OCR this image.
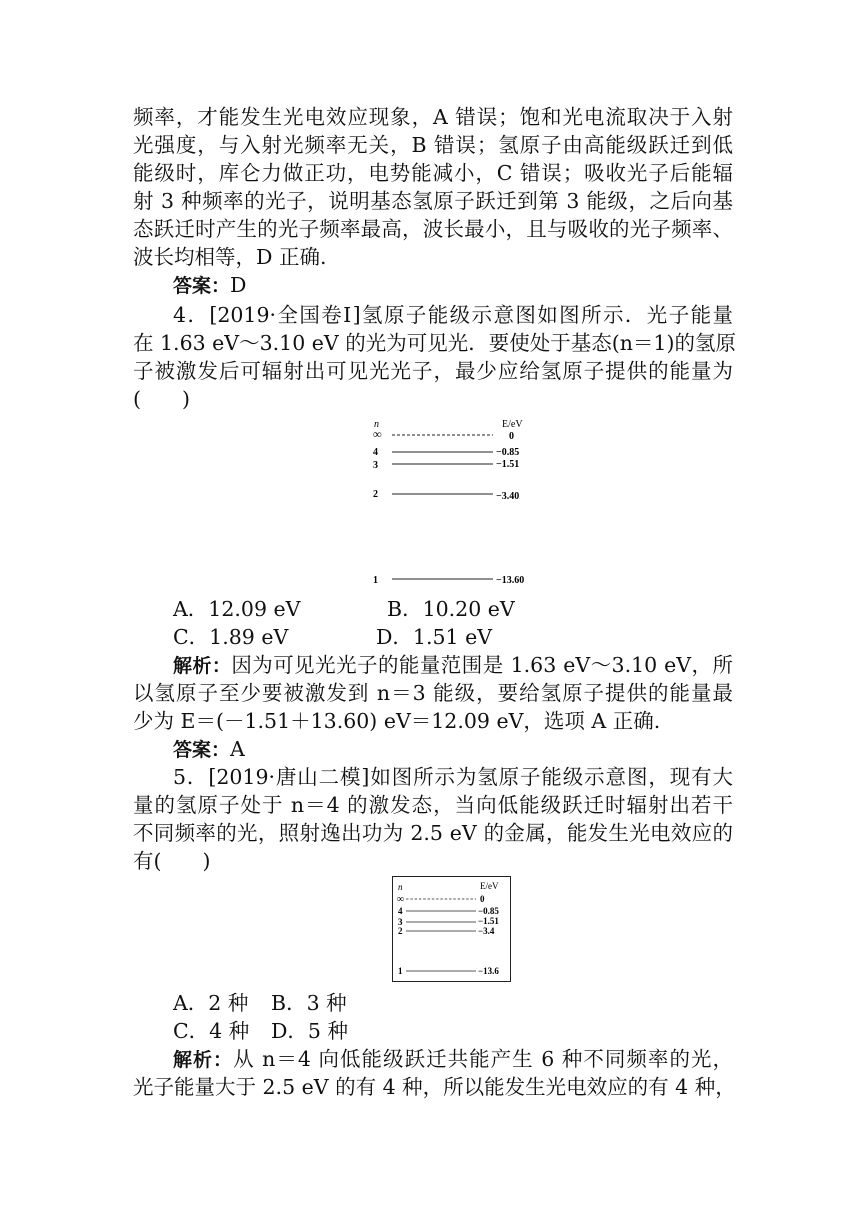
频率，才能发生光电效应现象，A 错误；饱和光电流取决于入射
光强度，与入射光频率无关，B 错误；氢原子由高能级跃迁到低
能级时，库仑力做正功，电势能减小，C 错误；吸收光子后能辐
射 3 种频率的光子，说明基态氢原子跃迁到第 3 能级，之后向基
态跃迁时产生的光子频率最高，波长最小，且与吸收的光子频率、
波长均相等，D 正确.
答案：D
4．[2019·全国卷Ⅰ]氢原子能级示意图如图所示．光子能量
在 1.63 eV～3.10 eV 的光为可见光．要使处于基态(n＝1)的氢原
子被激发后可辐射出可见光光子，最少应给氢原子提供的能量为
(　　)
n	E/eV
∞	0
4	−0.85
3	−1.51
2	−3.40
1	−13.60
A．12.09 eV	B．10.20 eV
C．1.89 eV	D．1.51 eV
解析：因为可见光光子的能量范围是 1.63 eV～3.10 eV，所
以氢原子至少要被激发到 n＝3 能级，要给氢原子提供的能量最
少为 E＝(－1.51＋13.60) eV＝12.09 eV，选项 A 正确.
答案：A
5．[2019·唐山二模]如图所示为氢原子能级示意图，现有大
量的氢原子处于 n＝4 的激发态，当向低能级跃迁时辐射出若干
不同频率的光，照射逸出功为 2.5 eV 的金属，能发生光电效应的
有(　　)
n	E/eV
∞	0
4	−0.85
3	−1.51
2	−3.4
1	−13.6
A．2 种 B．3 种
C．4 种 D．5 种
解析：从 n＝4 向低能级跃迁共能产生 6 种不同频率的光，
光子能量大于 2.5 eV 的有 4 种，所以能发生光电效应的有 4 种，
